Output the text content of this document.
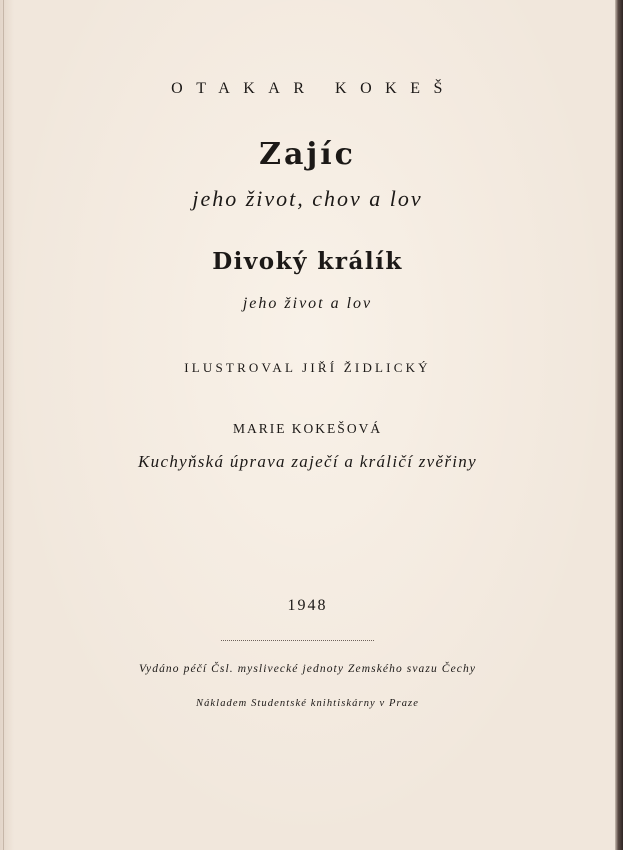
OTAKAR KOKEŠ
Zajíc
jeho život, chov a lov
Divoký králík
jeho život a lov
ILUSTROVAL JIŘÍ ŽIDLICKÝ
MARIE KOKEŠOVÁ
Kuchyňská úprava zaječí a králičí zvěřiny
1948
Vydáno péčí Čsl. myslivecké jednoty Zemského svazu Čechy
Nákladem Studentské knihtiskárny v Praze
